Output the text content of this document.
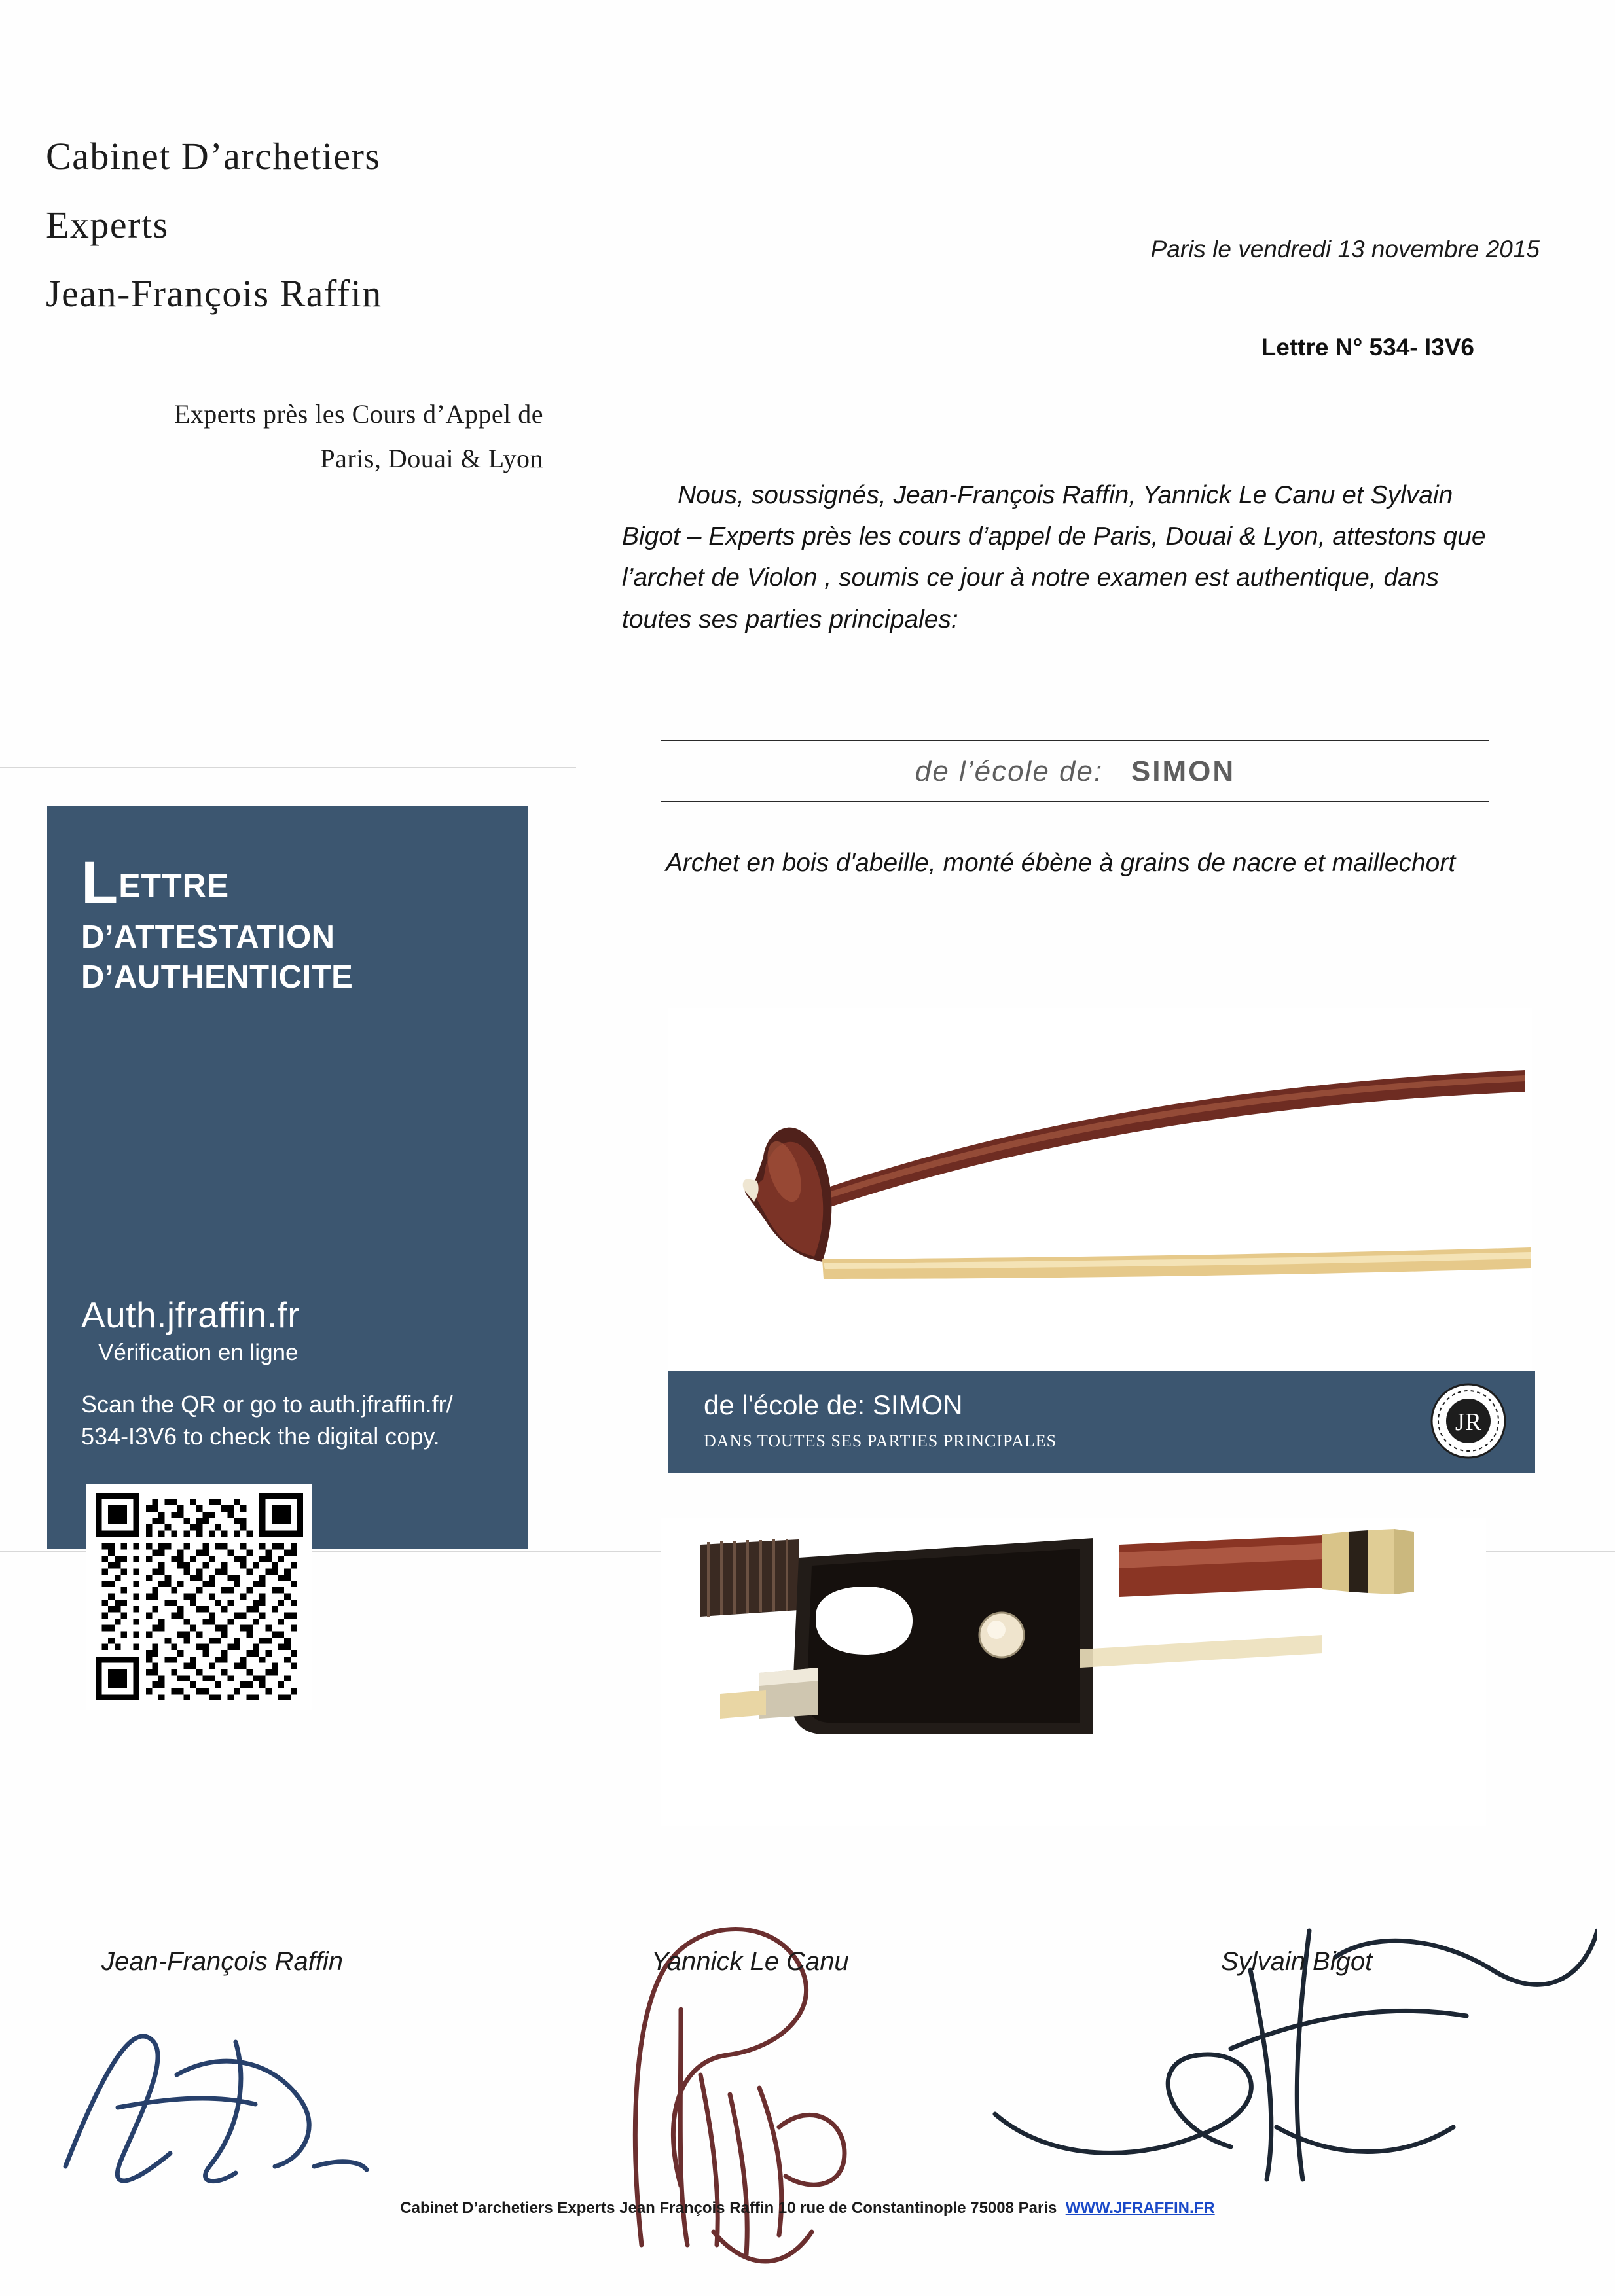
Cabinet D’archetiers
Experts
Jean-François Raffin
Experts près les Cours d’Appel de
Paris, Douai & Lyon
Paris le vendredi 13 novembre 2015
Lettre N° 534- I3V6
Nous, soussignés, Jean-François Raffin, Yannick Le Canu et Sylvain Bigot – Experts près les cours d’appel de Paris, Douai & Lyon, attestons que l’archet de Violon , soumis ce jour à notre examen est authentique, dans toutes ses parties principales:
de l’école de: SIMON
Archet en bois d'abeille, monté ébène à grains de nacre et maillechort
LETTRE
D’ATTESTATION
D’AUTHENTICITE
Auth.jfraffin.fr
Vérification en ligne
Scan the QR or go to auth.jfraffin.fr/ 534-I3V6 to check the digital copy.
de l'école de: SIMON
DANS TOUTES SES PARTIES PRINCIPALES
JR
Jean-François Raffin	Yannick Le Canu	Sylvain Bigot
Cabinet D’archetiers Experts Jean François Raffin 10 rue de Constantinople 75008 Paris WWW.JFRAFFIN.FR
